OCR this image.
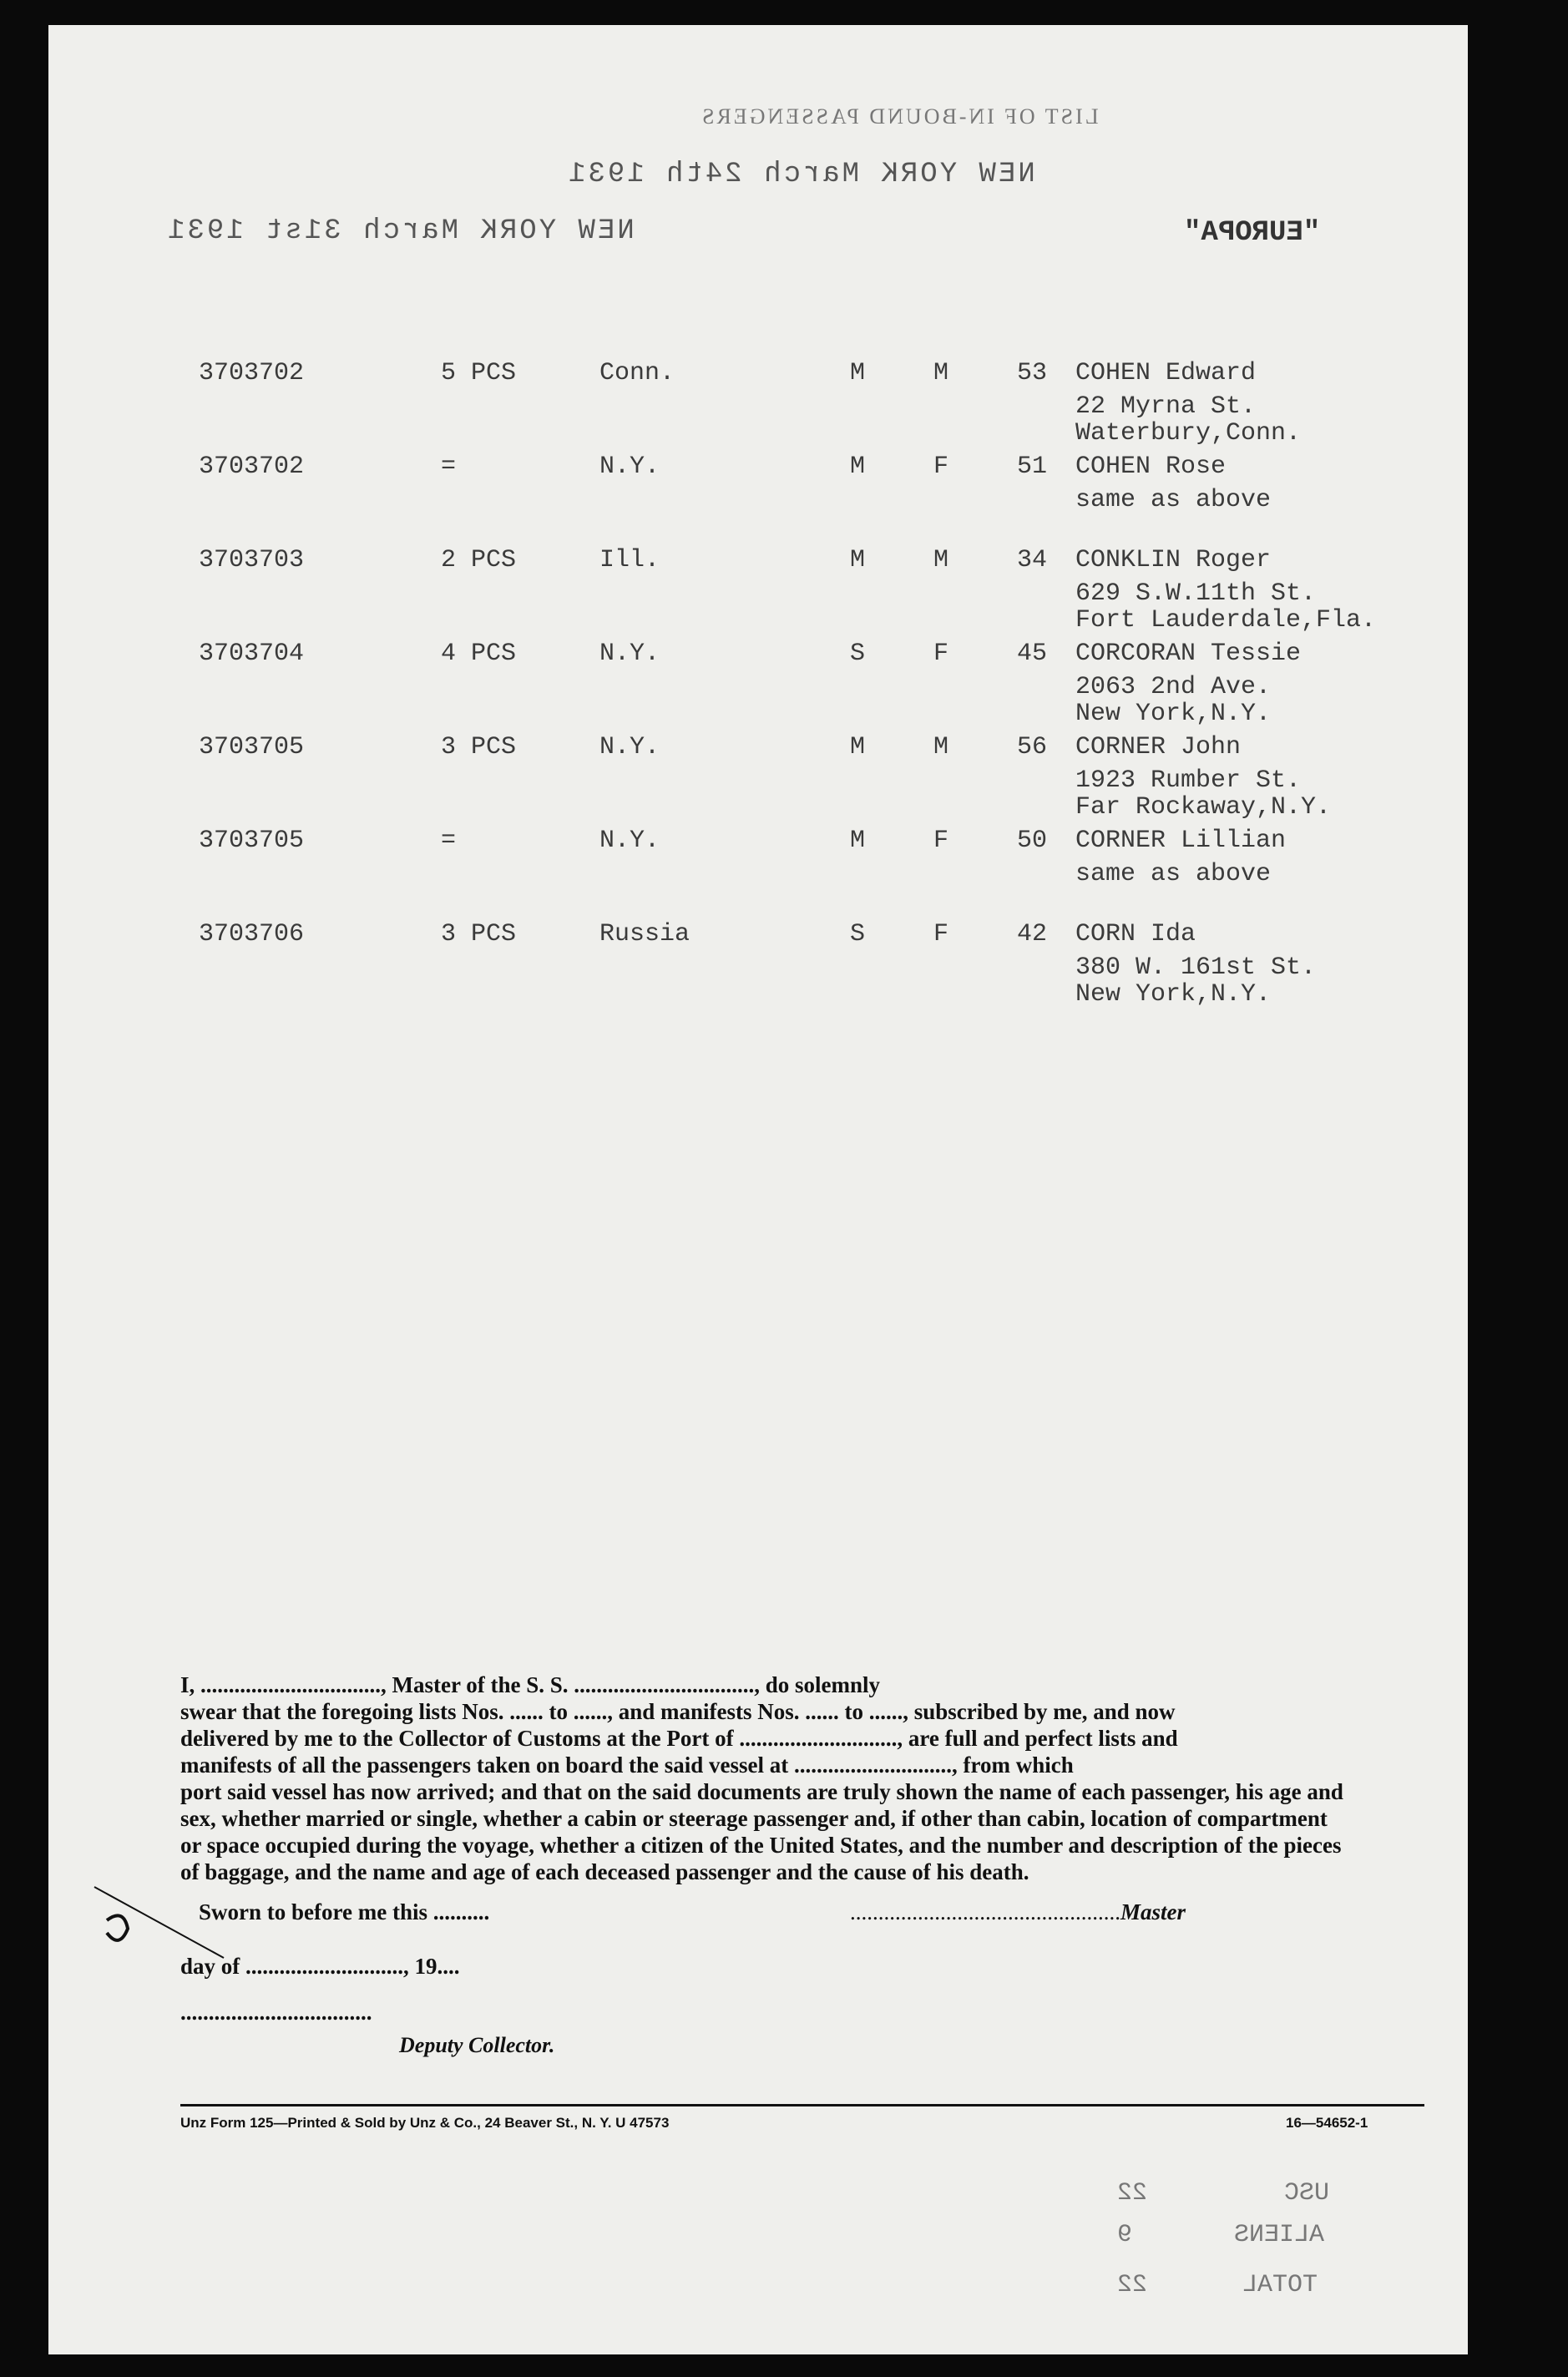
LIST OF IN-BOUND PASSENGERS
NEW YORK March 24th 1931
NEW YORK March 31st 1931	"EUROPA"
3703702	5 PCS	Conn.	M	M	53 COHEN Edward
22 Myrna St.
Waterbury,Conn.
3703702	=	N.Y.	M	F	51 COHEN Rose
same as above
3703703	2 PCS	Ill.	M	M	34 CONKLIN Roger
629 S.W.11th St.
Fort Lauderdale,Fla.
3703704	4 PCS	N.Y.	S	F	45 CORCORAN Tessie
2063 2nd Ave.
New York,N.Y.
3703705	3 PCS	N.Y.	M	M	56 CORNER John
1923 Rumber St.
Far Rockaway,N.Y.
3703705	=	N.Y.	M	F	50 CORNER Lillian
same as above
3703706	3 PCS	Russia	S	F	42 CORN Ida
380 W. 161st St.
New York,N.Y.
I, ................................, Master of the S. S. ................................, do solemnly
swear that the foregoing lists Nos. ...... to ......, and manifests Nos. ...... to ......, subscribed by me, and now
delivered by me to the Collector of Customs at the Port of ............................, are full and perfect lists and
manifests of all the passengers taken on board the said vessel at ............................, from which
port said vessel has now arrived; and that on the said documents are truly shown the name of each passenger, his age and
sex, whether married or single, whether a cabin or steerage passenger and, if other than cabin, location of compartment
or space occupied during the voyage, whether a citizen of the United States, and the number and description of the pieces
of baggage, and the name and age of each deceased passenger and the cause of his death.
Sworn to before me this ..........
day of ............................, 19....
..................................
Deputy Collector.
................................................Master
Unz Form 125—Printed & Sold by Unz & Co., 24 Beaver St., N. Y. U 47573	16—54652-1
22	USC
9	ALIENS
22	TOTAL
